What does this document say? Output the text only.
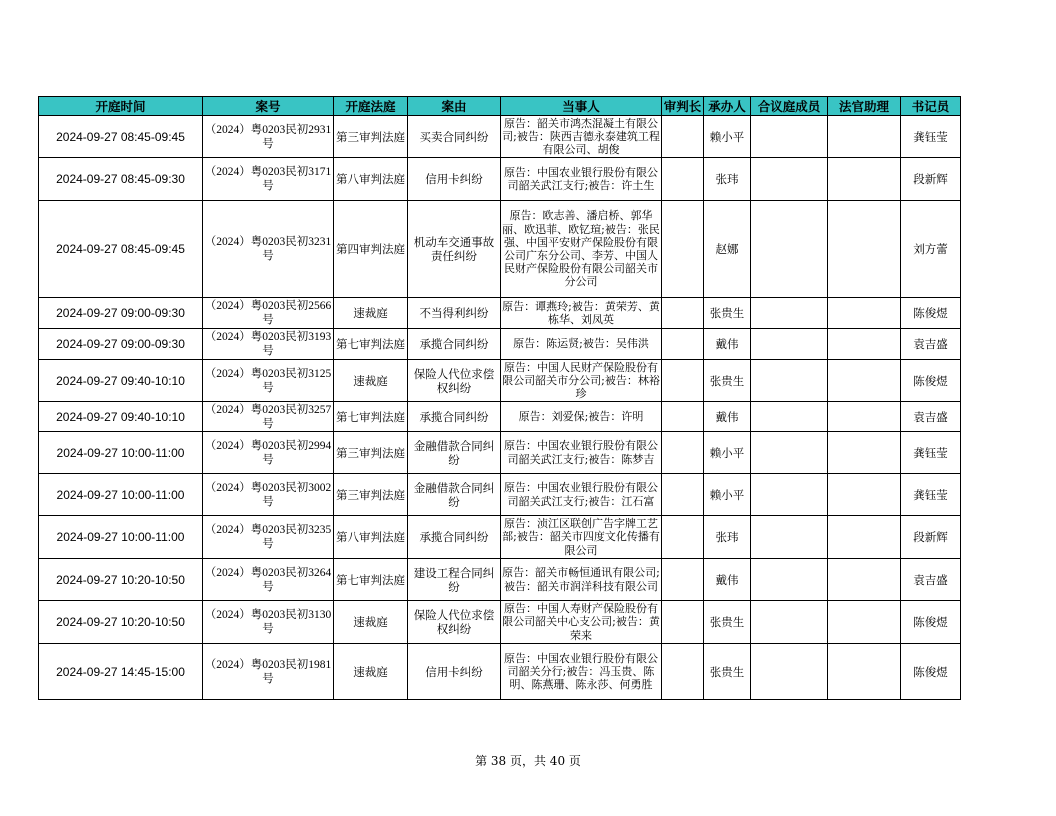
开庭时间	案号	开庭法庭	案由	当事人	审判长	承办人	合议庭成员	法官助理	书记员
2024-09-27 08:45-09:45	（2024）粤0203民初2931号	第三审判法庭	买卖合同纠纷	原告：韶关市鸿杰混凝土有限公司;被告：陕西吉德永泰建筑工程有限公司、胡俊		赖小平			龚钰莹
2024-09-27 08:45-09:30	（2024）粤0203民初3171号	第八审判法庭	信用卡纠纷	原告：中国农业银行股份有限公司韶关武江支行;被告：许土生		张玮			段新辉
2024-09-27 08:45-09:45	（2024）粤0203民初3231号	第四审判法庭	机动车交通事故责任纠纷	原告：欧志善、潘启桥、郭华丽、欧迅菲、欧钇瑄;被告：张民强、中国平安财产保险股份有限公司广东分公司、李芳、中国人民财产保险股份有限公司韶关市分公司		赵娜			刘方蕾
2024-09-27 09:00-09:30	（2024）粤0203民初2566号	速裁庭	不当得利纠纷	原告：谭燕玲;被告：黄荣芳、黄栋华、刘凤英		张贵生			陈俊煜
2024-09-27 09:00-09:30	（2024）粤0203民初3193号	第七审判法庭	承揽合同纠纷	原告：陈运贤;被告：吴伟洪		戴伟			袁吉盛
2024-09-27 09:40-10:10	（2024）粤0203民初3125号	速裁庭	保险人代位求偿权纠纷	原告：中国人民财产保险股份有限公司韶关市分公司;被告：林裕珍		张贵生			陈俊煜
2024-09-27 09:40-10:10	（2024）粤0203民初3257号	第七审判法庭	承揽合同纠纷	原告：刘爱保;被告：许明		戴伟			袁吉盛
2024-09-27 10:00-11:00	（2024）粤0203民初2994号	第三审判法庭	金融借款合同纠纷	原告：中国农业银行股份有限公司韶关武江支行;被告：陈梦吉		赖小平			龚钰莹
2024-09-27 10:00-11:00	（2024）粤0203民初3002号	第三审判法庭	金融借款合同纠纷	原告：中国农业银行股份有限公司韶关武江支行;被告：江石富		赖小平			龚钰莹
2024-09-27 10:00-11:00	（2024）粤0203民初3235号	第八审判法庭	承揽合同纠纷	原告：浈江区联创广告字牌工艺部;被告：韶关市四度文化传播有限公司		张玮			段新辉
2024-09-27 10:20-10:50	（2024）粤0203民初3264号	第七审判法庭	建设工程合同纠纷	原告：韶关市畅恒通讯有限公司;被告：韶关市润洋科技有限公司		戴伟			袁吉盛
2024-09-27 10:20-10:50	（2024）粤0203民初3130号	速裁庭	保险人代位求偿权纠纷	原告：中国人寿财产保险股份有限公司韶关中心支公司;被告：黄荣来		张贵生			陈俊煜
2024-09-27 14:45-15:00	（2024）粤0203民初1981号	速裁庭	信用卡纠纷	原告：中国农业银行股份有限公司韶关分行;被告：冯玉贵、陈明、陈燕珊、陈永莎、何勇胜		张贵生			陈俊煜
第 38 页，共 40 页
